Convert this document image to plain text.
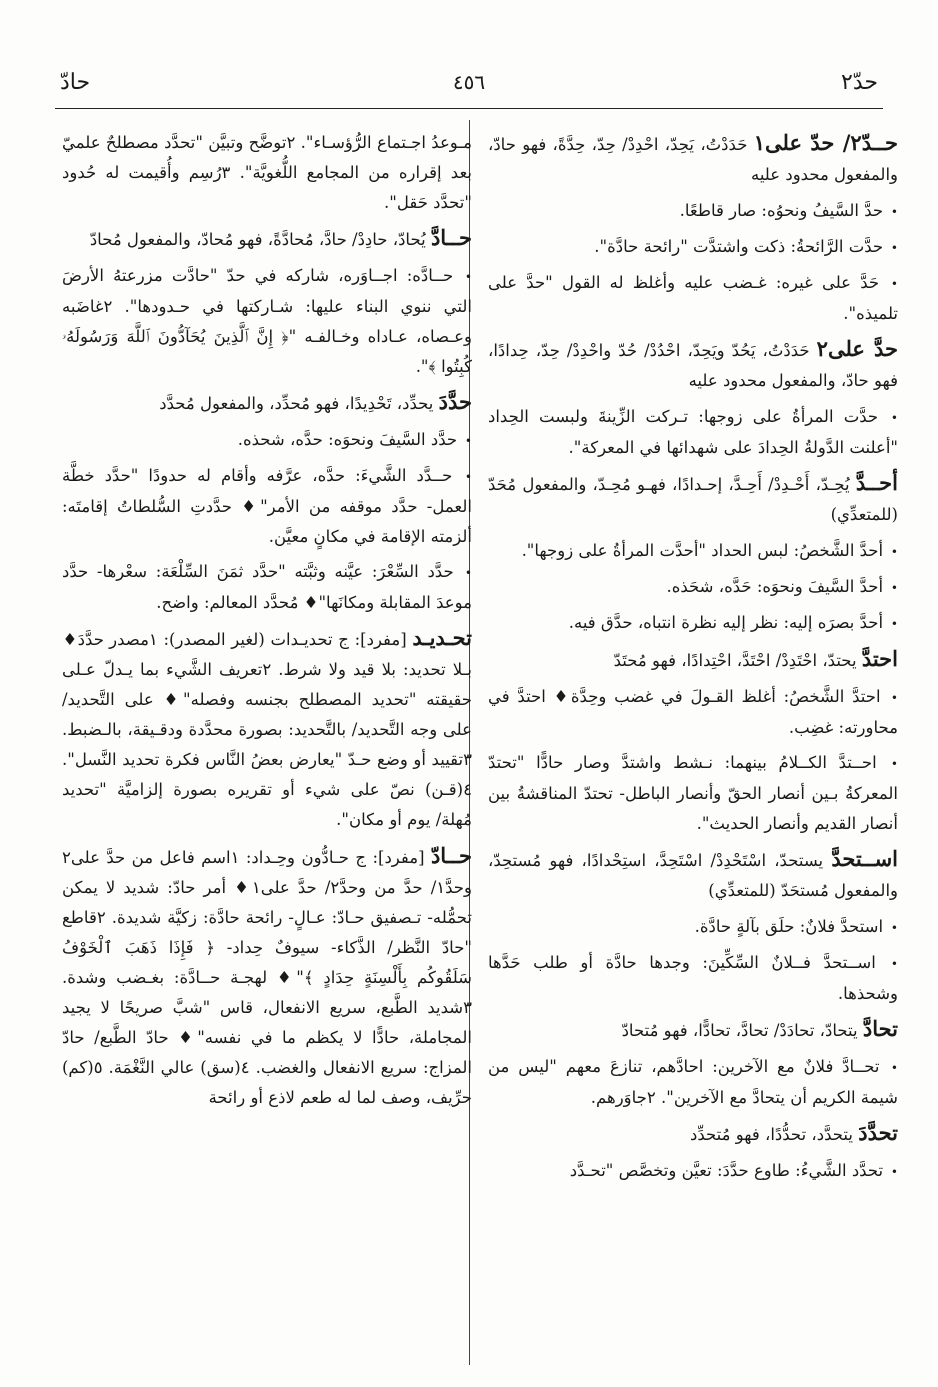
حدّ٢
٤٥٦
حادّ

حــدّ٢/ حدّ على١ حَدَدْتُ، يَحِدّ، احْدِدْ/ حِدّ، حِدَّةً، فهو حادّ، والمفعول محدود عليه

• حدَّ السَّيفُ ونحوُه: صار قاطعًا.

• حدَّت الرَّائحةُ: ذكت واشتدَّت "رائحة حادَّة".

• حَدَّ على غيره: غـضب عليه وأغلظ له القول "حدَّ على تلميذه".

حدَّ على٢ حَدَدْتُ، يَحُدّ ويَحِدّ، احْدُدْ/ حُدّ واحْدِدْ/ حِدّ، حِدادًا، فهو حادّ، والمفعول محدود عليه

• حدَّت المرأةُ على زوجها: تـركت الزِّينةَ ولبست الحِداد "أعلنت الدَّولةُ الحِدادَ على شهدائها في المعركة".

أحــدَّ يُحِـدّ، أَحْـدِدْ/ أَحِـدَّ، إحـدادًا، فهـو مُحِـدّ، والمفعول مُحَدّ (للمتعدِّي)

• أحدَّ الشَّخصُ: لبس الحداد "أحدَّت المرأةُ على زوجها".

• أحدَّ السَّيفَ ونحوَه: حَدَّه، شحَذه.

• أحدَّ بصرَه إليه: نظر إليه نظرة انتباه، حدَّق فيه.

احتدَّ يحتدّ، احْتَدِدْ/ احْتَدَّ، احْتِدادًا، فهو مُحتَدّ

• احتدَّ الشَّخصُ: أغلظ القـولَ في غضب وحِدَّة♦ احتدَّ في محاورته: غضِب.

• احــتدَّ الكــلامُ بينهما: نـشط واشتدَّ وصار حادًّا "تحتدّ المعركةُ بـين أنصار الحقّ وأنصار الباطل- تحتدّ المناقشةُ بين أنصار القديم وأنصار الحديث".

اســتحدَّ يستحدّ، اسْتَحْدِدْ/ اسْتَحِدَّ، استِحْدادًا، فهو مُستحِدّ، والمفعول مُستحَدّ (للمتعدِّي)

• استحدَّ فلانٌ: حلَق بآلةٍ حادَّة.

• اســتحدَّ فــلانٌ السِّكِّينَ: وجدها حادَّة أو طلب حَدَّها وشحذها.

تحادَّ يتحادّ، تحادَدْ/ تحادَّ، تحادًّا، فهو مُتحادّ

• تحــادَّ فلانٌ مع الآخرين: احادَّهم، تنازعَ معهم "ليس من شيمة الكريم أن يتحادَّ مع الآخرين". ٢جاوَرهم.

تحدَّدَ يتحدَّد، تحدُّدًا، فهو مُتحدِّد

• تحدَّد الشَّيءُ: طاوع حدَّدَ: تعيَّن وتخصَّص "تحـدَّد

مـوعدُ اجـتماع الرُّؤسـاء". ٢توضَّح وتبيَّن "تحدَّد مصطلحٌ علميّ بعد إقراره من المجامع اللُّغويَّة". ٣رُسِم وأُقيمت له حُدود "تحدَّد حَقل".

حــادَّ يُحادّ، حادِدْ/ حادَّ، مُحادَّةً، فهو مُحادّ، والمفعول مُحادّ

• حــادَّه: اجــاوَره، شاركه في حدّ "حادَّت مزرعتهُ الأرضَ التي ننوي البناء عليها: شـاركتها في حـدودها". ٢غاضَبه وعـصاه، عـاداه وخـالفـه "﴿ إِنَّ ٱلَّذِينَ يُحَآدُّونَ ٱللَّهَ وَرَسُولَهُۥ كُبِتُوا ﴾".

حدَّدَ يحدِّد، تَحْدِيدًا، فهو مُحدِّد، والمفعول مُحدَّد

• حدَّد السَّيفَ ونحوَه: حدَّه، شحذه.

• حــدَّد الشَّيءَ: حدَّه، عرَّفه وأقام له حدودًا "حدَّد خطَّة العمل- حدَّد موقفه من الأمر"♦ حدَّدتِ السُّلطاتُ إقامتَه: ألزمته الإقامة في مكانٍ معيَّن.

• حدَّد السِّعْرَ: عيَّنه وثبَّته "حدَّد ثمَنَ السِّلْعَة: سعْرها- حدَّد موعدَ المقابلة ومكانَها"♦ مُحدَّد المعالم: واضح.

تحـديـد [مفرد]: ج تحديـدات (لغير المصدر): ١مصدر حدَّدَ♦ بـلا تحديد: بلا قيد ولا شرط. ٢تعريف الشَّيء بما يـدلّ عـلى حقيقته "تحديد المصطلح بجنسه وفصله"♦ على التَّحديد/ على وجه التَّحديد/ بالتَّحديد: بصورة محدَّدة ودقـيقة، بالـضبط. ٣تقييد أو وضع حـدّ "يعارض بعضُ النَّاس فكرة تحديد النَّسل". ٤(قـن) نصّ على شيء أو تقريره بصورة إلزاميَّة "تحديد مُهلة/ يوم أو مكان".

حــادّ [مفرد]: ج حـادُّون وحِـداد: ١اسم فاعل من حدَّ على٢ وحدَّ١/ حدَّ من وحدَّ٢/ حدَّ على١♦ أمر حادّ: شديد لا يمكن تحمُّله- تـصفيق حـادّ: عـالٍ- رائحة حادَّة: زكيَّة شديدة. ٢قاطع "حادّ النَّظر/ الذَّكاء- سيوفٌ حِداد- ﴿ فَإِذَا ذَهَبَ ٱلْخَوْفُ سَلَقُوكُم بِأَلْسِنَةٍ حِدَادٍ ﴾"♦ لهجـة حــادَّة: بغـضب وشدة. ٣شديد الطَّبع، سريع الانفعال، قاس "شبَّ صريحًا لا يجيد المجاملة، حادًّا لا يكظم ما في نفسه"♦ حادّ الطَّبع/ حادّ المزاج: سريع الانفعال والغضب. ٤(سق) عالي النَّغْمَة. ٥(كم) حرِّيف، وصف لما له طعم لاذع أو رائحة
